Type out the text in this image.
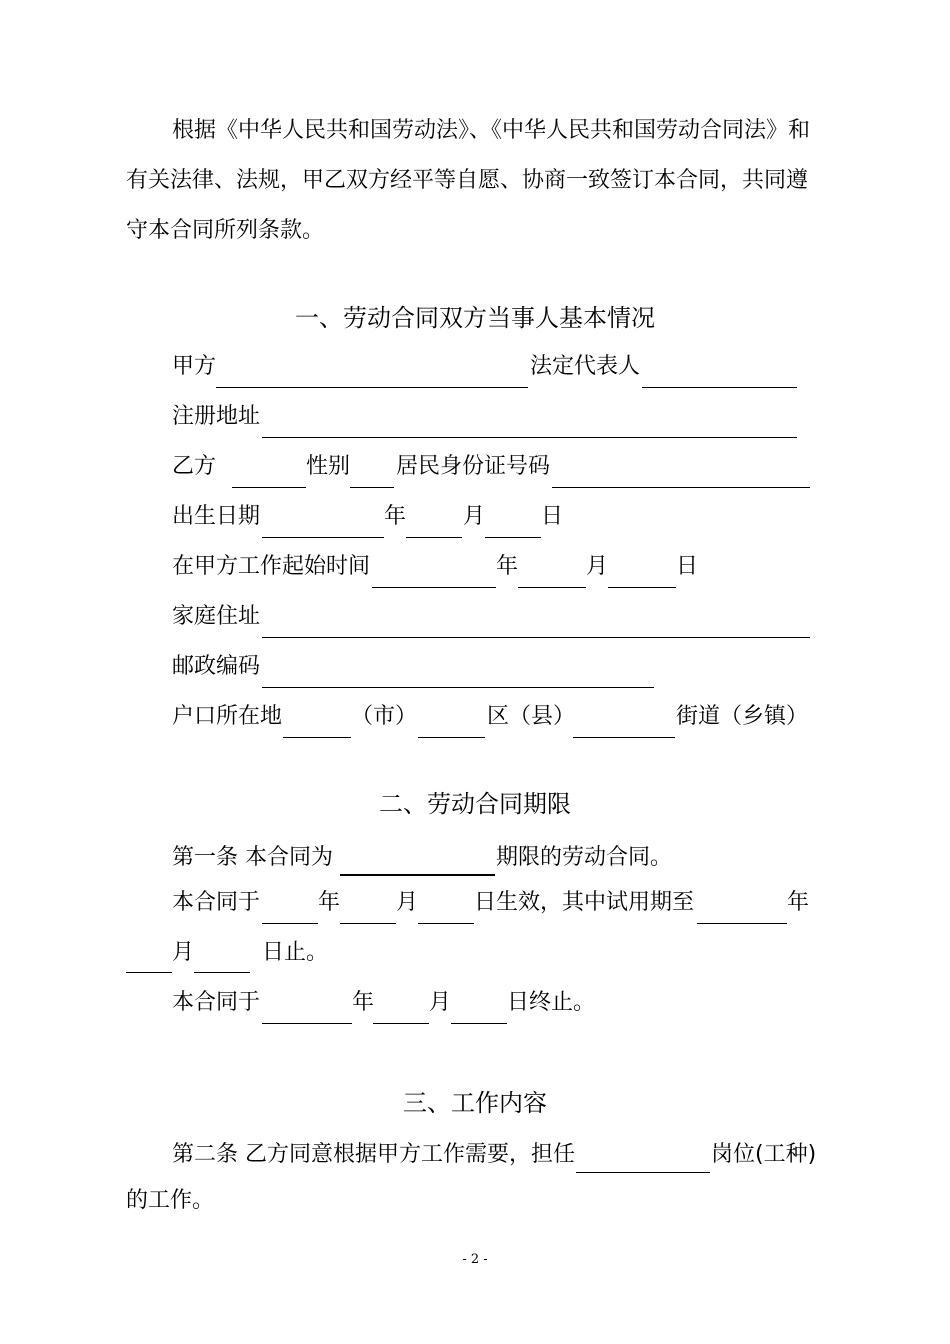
根据《中华人民共和国劳动法》、《中华人民共和国劳动合同法》和
有关法律、法规，甲乙双方经平等自愿、协商一致签订本合同，共同遵
守本合同所列条款。
一、劳动合同双方当事人基本情况
甲方	法定代表人
注册地址
乙方	性别 居民身份证号码
出生日期	年	月	日
在甲方工作起始时间	年	月	日
家庭住址
邮政编码
户口所在地	（市）	区（县）	街道（乡镇）
二、劳动合同期限
第一条 本合同为	期限的劳动合同。
本合同于	年	月	日生效，其中试用期至	年
月	日止。
本合同于	年 月	日终止。
三、工作内容
第二条 乙方同意根据甲方工作需要，担任	岗位(工种)
的工作。
- 2 -
